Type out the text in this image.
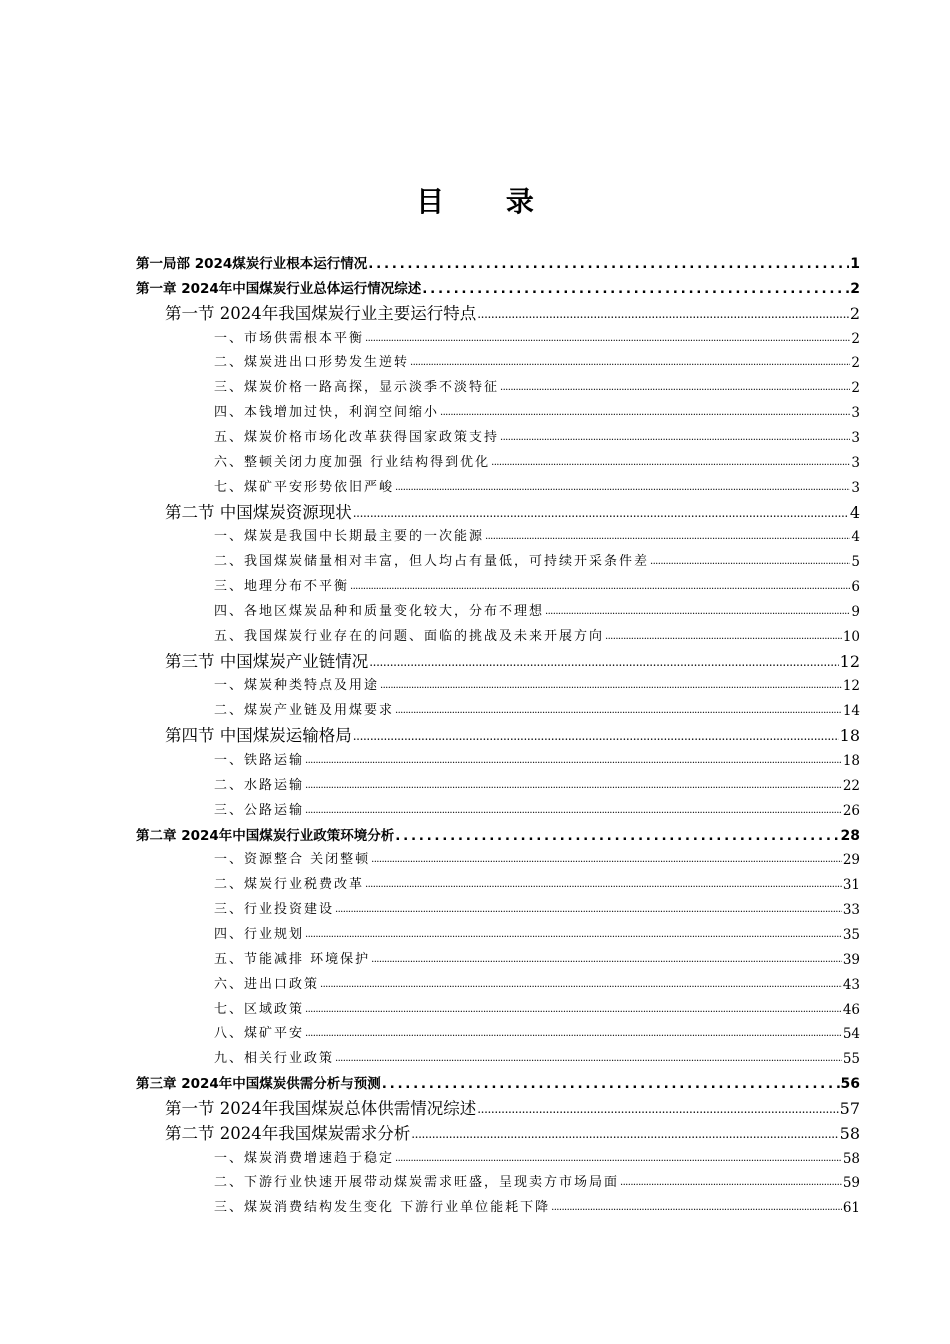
目 录
第一局部 2024煤炭行业根本运行情况 . . .	1
第一章 2024年中国煤炭行业总体运行情况综述 . . .	2
第一节 2024年我国煤炭行业主要运行特点 .....	2
一、市场供需根本平衡 .....	2
二、煤炭进出口形势发生逆转 .....	2
三、煤炭价格一路高探，显示淡季不淡特征 .....	2
四、本钱增加过快，利润空间缩小 .....	3
五、煤炭价格市场化改革获得国家政策支持 .....	3
六、整顿关闭力度加强 行业结构得到优化 .....	3
七、煤矿平安形势依旧严峻 .....	3
第二节 中国煤炭资源现状 .....	4
一、煤炭是我国中长期最主要的一次能源 .....	4
二、我国煤炭储量相对丰富，但人均占有量低，可持续开采条件差 .....	5
三、地理分布不平衡 .....	6
四、各地区煤炭品种和质量变化较大，分布不理想 .....	9
五、我国煤炭行业存在的问题、面临的挑战及未来开展方向 .....	10
第三节 中国煤炭产业链情况 .....	12
一、煤炭种类特点及用途 .....	12
二、煤炭产业链及用煤要求 .....	14
第四节 中国煤炭运输格局 .....	18
一、铁路运输 .....	18
二、水路运输 .....	22
三、公路运输 .....	26
第二章 2024年中国煤炭行业政策环境分析 . . .	28
一、资源整合 关闭整顿 .....	29
二、煤炭行业税费改革 .....	31
三、行业投资建设 .....	33
四、行业规划 .....	35
五、节能减排 环境保护 .....	39
六、进出口政策 .....	43
七、区域政策 .....	46
八、煤矿平安 .....	54
九、相关行业政策 .....	55
第三章 2024年中国煤炭供需分析与预测 . . .	56
第一节 2024年我国煤炭总体供需情况综述 .....	57
第二节 2024年我国煤炭需求分析 .....	58
一、煤炭消费增速趋于稳定 .....	58
二、下游行业快速开展带动煤炭需求旺盛，呈现卖方市场局面 .....	59
三、煤炭消费结构发生变化 下游行业单位能耗下降 .....	61
